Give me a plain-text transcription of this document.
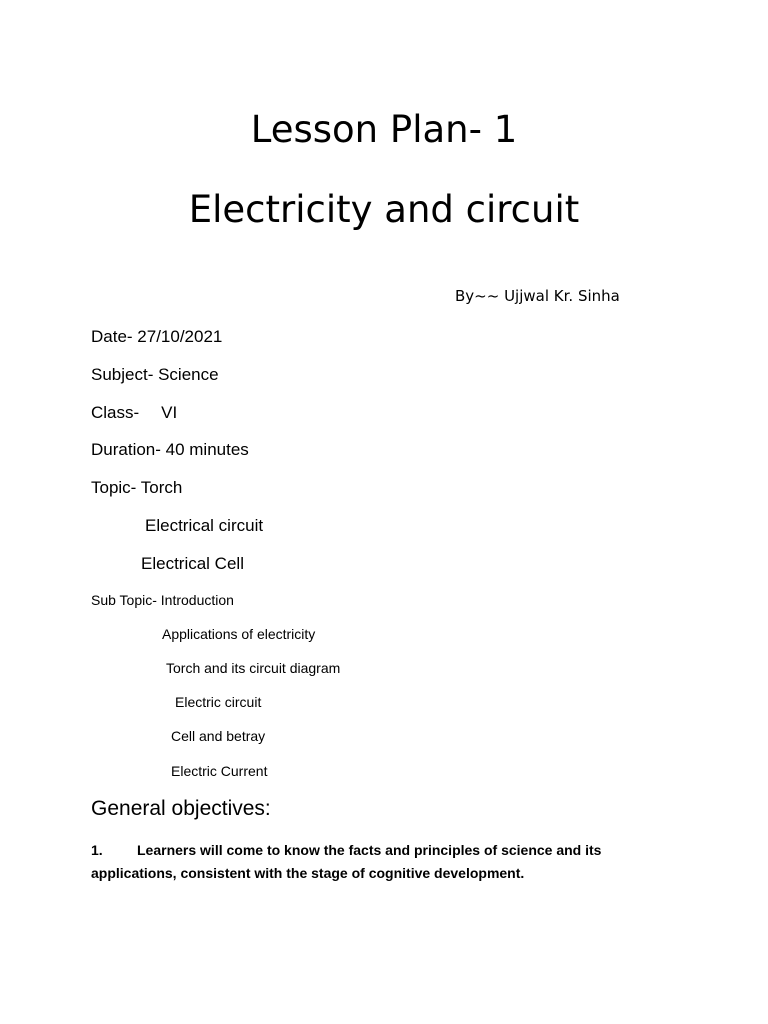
Lesson Plan- 1
Electricity and circuit
By~~ Ujjwal Kr. Sinha
Date- 27/10/2021
Subject- Science
Class- VI
Duration- 40 minutes
Topic- Torch
Electrical circuit
Electrical Cell
Sub Topic- Introduction
Applications of electricity
Torch and its circuit diagram
Electric circuit
Cell and betray
Electric Current
General objectives:

1. Learners will come to know the facts and principles of science and its applications, consistent with the stage of cognitive development.
